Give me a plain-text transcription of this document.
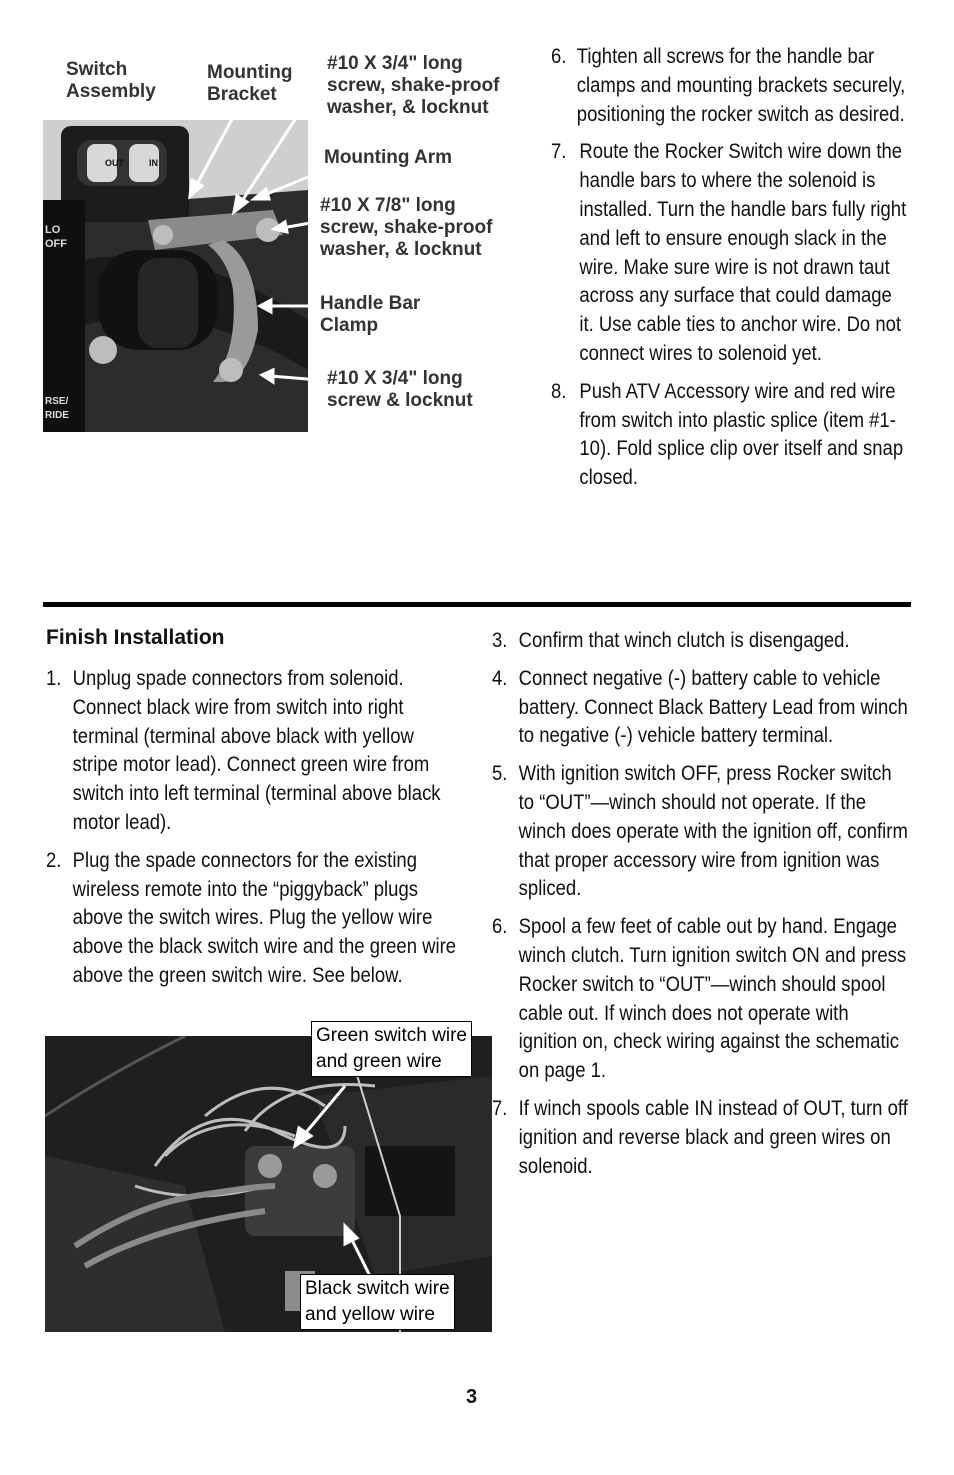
OUT	IN
OFF
LO
RSE/
RIDE
Switch
Assembly
Mounting
Bracket
#10 X 3/4" long
screw, shake-proof
washer, & locknut
Mounting Arm
#10 X 7/8" long
screw, shake-proof
washer, & locknut
Handle Bar
Clamp
#10 X 3/4" long
screw & locknut
6. Tighten all screws for the handle bar clamps and mounting brackets securely, positioning the rocker switch as desired.
7. Route the Rocker Switch wire down the handle bars to where the solenoid is installed. Turn the handle bars fully right and left to ensure enough slack in the wire. Make sure wire is not drawn taut across any surface that could damage it. Use cable ties to anchor wire. Do not connect wires to solenoid yet.
8. Push ATV Accessory wire and red wire from switch into plastic splice (item #1-10). Fold splice clip over itself and snap closed.
Finish Installation
1. Unplug spade connectors from solenoid. Connect black wire from switch into right terminal (terminal above black with yellow stripe motor lead). Connect green wire from switch into left terminal (terminal above black motor lead).
2. Plug the spade connectors for the existing wireless remote into the “piggyback” plugs above the switch wires. Plug the yellow wire above the black switch wire and the green wire above the green switch wire. See below.
3. Confirm that winch clutch is disengaged.
4. Connect negative (-) battery cable to vehicle battery. Connect Black Battery Lead from winch to negative (-) vehicle battery terminal.
5. With ignition switch OFF, press Rocker switch to “OUT”—winch should not operate. If the winch does operate with the ignition off, confirm that proper accessory wire from ignition was spliced.
6. Spool a few feet of cable out by hand. Engage winch clutch. Turn ignition switch ON and press Rocker switch to “OUT”—winch should spool cable out. If winch does not operate with ignition on, check wiring against the schematic on page 1.
7. If winch spools cable IN instead of OUT, turn off ignition and reverse black and green wires on solenoid.
Green switch wire
and green wire
Black switch wire
and yellow wire
3
